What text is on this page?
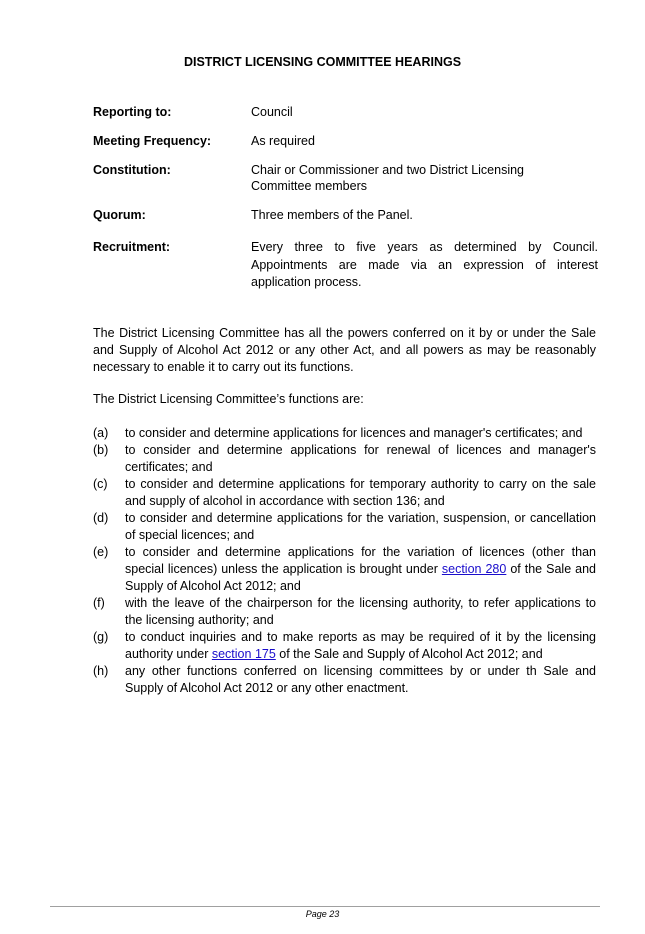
DISTRICT LICENSING COMMITTEE HEARINGS
Reporting to:	Council
Meeting Frequency:	As required
Constitution:	Chair or Commissioner and two District Licensing Committee members
Quorum:	Three members of the Panel.
Recruitment:	Every three to five years as determined by Council. Appointments are made via an expression of interest application process.
The District Licensing Committee has all the powers conferred on it by or under the Sale and Supply of Alcohol Act 2012 or any other Act, and all powers as may be reasonably necessary to enable it to carry out its functions.
The District Licensing Committee’s functions are:
(a)	to consider and determine applications for licences and manager's certificates; and
(b)	to consider and determine applications for renewal of licences and manager's certificates; and
(c)	to consider and determine applications for temporary authority to carry on the sale and supply of alcohol in accordance with section 136; and
(d)	to consider and determine applications for the variation, suspension, or cancellation of special licences; and
(e)	to consider and determine applications for the variation of licences (other than special licences) unless the application is brought under section 280 of the Sale and Supply of Alcohol Act 2012; and
(f)	with the leave of the chairperson for the licensing authority, to refer applications to the licensing authority; and
(g)	to conduct inquiries and to make reports as may be required of it by the licensing authority under section 175 of the Sale and Supply of Alcohol Act 2012; and
(h)	any other functions conferred on licensing committees by or under th Sale and Supply of Alcohol Act 2012 or any other enactment.
Page 23
